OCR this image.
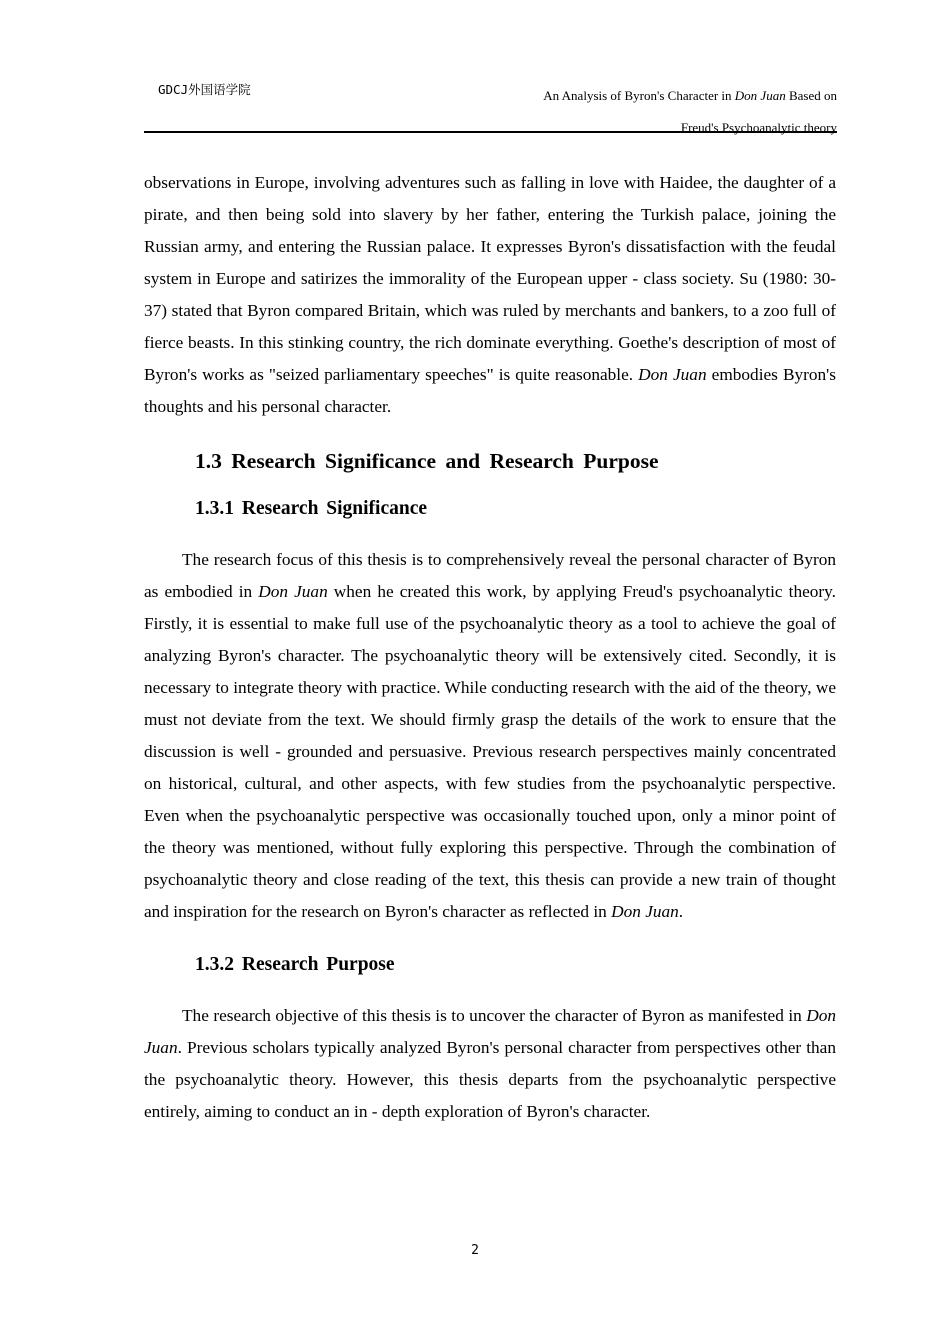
GDCJ外国语学院	An Analysis of Byron's Character in Don Juan Based on
Freud's Psychoanalytic theory

observations in Europe, involving adventures such as falling in love with Haidee, the daughter of a pirate, and then being sold into slavery by her father, entering the Turkish palace, joining the Russian army, and entering the Russian palace. It expresses Byron's dissatisfaction with the feudal system in Europe and satirizes the immorality of the European upper - class society. Su (1980: 30-37) stated that Byron compared Britain, which was ruled by merchants and bankers, to a zoo full of fierce beasts. In this stinking country, the rich dominate everything. Goethe's description of most of Byron's works as "seized parliamentary speeches" is quite reasonable. Don Juan embodies Byron's thoughts and his personal character.

1.3 Research Significance and Research Purpose
1.3.1 Research Significance

The research focus of this thesis is to comprehensively reveal the personal character of Byron as embodied in Don Juan when he created this work, by applying Freud's psychoanalytic theory. Firstly, it is essential to make full use of the psychoanalytic theory as a tool to achieve the goal of analyzing Byron's character. The psychoanalytic theory will be extensively cited. Secondly, it is necessary to integrate theory with practice. While conducting research with the aid of the theory, we must not deviate from the text. We should firmly grasp the details of the work to ensure that the discussion is well - grounded and persuasive. Previous research perspectives mainly concentrated on historical, cultural, and other aspects, with few studies from the psychoanalytic perspective. Even when the psychoanalytic perspective was occasionally touched upon, only a minor point of the theory was mentioned, without fully exploring this perspective. Through the combination of psychoanalytic theory and close reading of the text, this thesis can provide a new train of thought and inspiration for the research on Byron's character as reflected in Don Juan.

1.3.2 Research Purpose

The research objective of this thesis is to uncover the character of Byron as manifested in Don Juan. Previous scholars typically analyzed Byron's personal character from perspectives other than the psychoanalytic theory. However, this thesis departs from the psychoanalytic perspective entirely, aiming to conduct an in - depth exploration of Byron's character.

2
